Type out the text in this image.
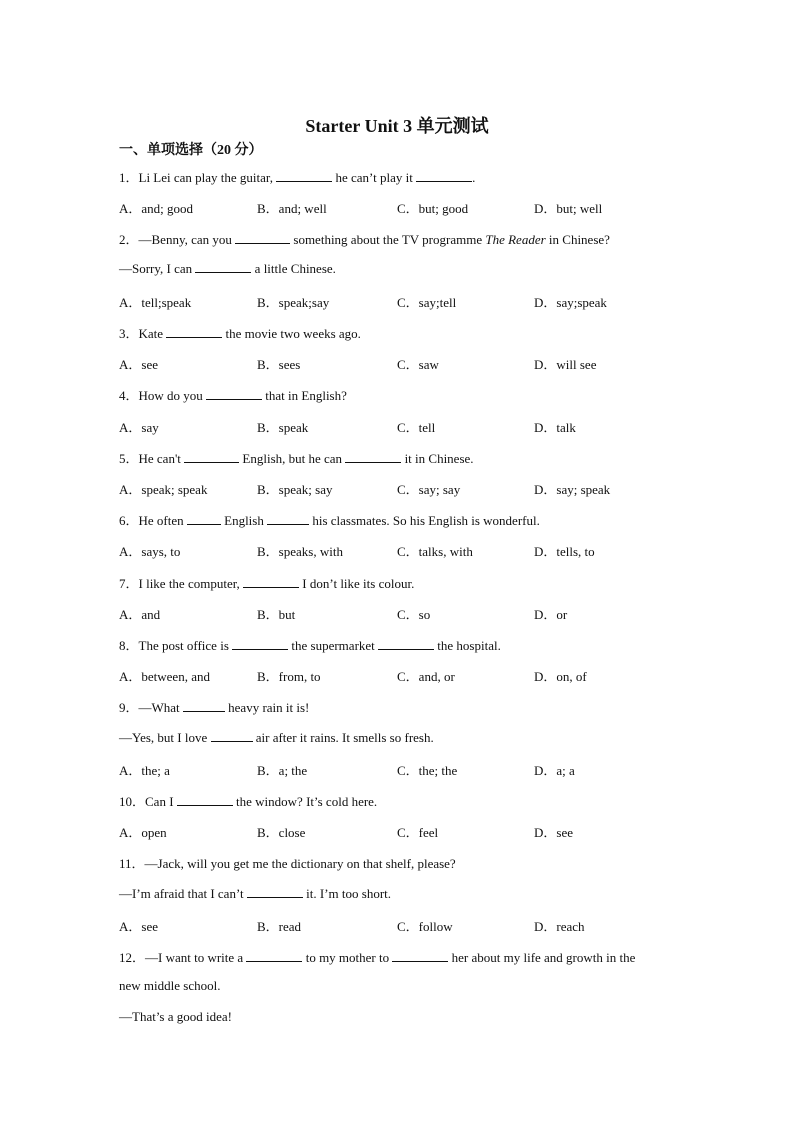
Starter Unit 3 单元测试
一、单项选择（20 分）
1．Li Lei can play the guitar,	he can’t play it	.
A．and; good	B．and; well	C．but; good	D．but; well
2．—Benny, can you	something about the TV programme The Reader in Chinese?
—Sorry, I can	a little Chinese.
A．tell;speak	B．speak;say	C．say;tell	D．say;speak
3．Kate	the movie two weeks ago.
A．see	B．sees	C．saw	D．will see
4．How do you	that in English?
A．say	B．speak	C．tell	D．talk
5．He can't	English, but he can	it in Chinese.
A．speak; speak	B．speak; say	C．say; say	D．say; speak
6．He often	English	his classmates. So his English is wonderful.
A．says, to	B．speaks, with	C．talks, with	D．tells, to
7．I like the computer,	I don’t like its colour.
A．and	B．but	C．so	D．or
8．The post office is	the supermarket	the hospital.
A．between, and	B．from, to	C．and, or	D．on, of
9．—What	heavy rain it is!
—Yes, but I love	air after it rains. It smells so fresh.
A．the; a	B．a; the	C．the; the	D．a; a
10．Can I	the window? It’s cold here.
A．open	B．close	C．feel	D．see
11．—Jack, will you get me the dictionary on that shelf, please?
—I’m afraid that I can’t	it. I’m too short.
A．see	B．read	C．follow	D．reach
12．—I want to write a	to my mother to	her about my life and growth in the
new middle school.
—That’s a good idea!
